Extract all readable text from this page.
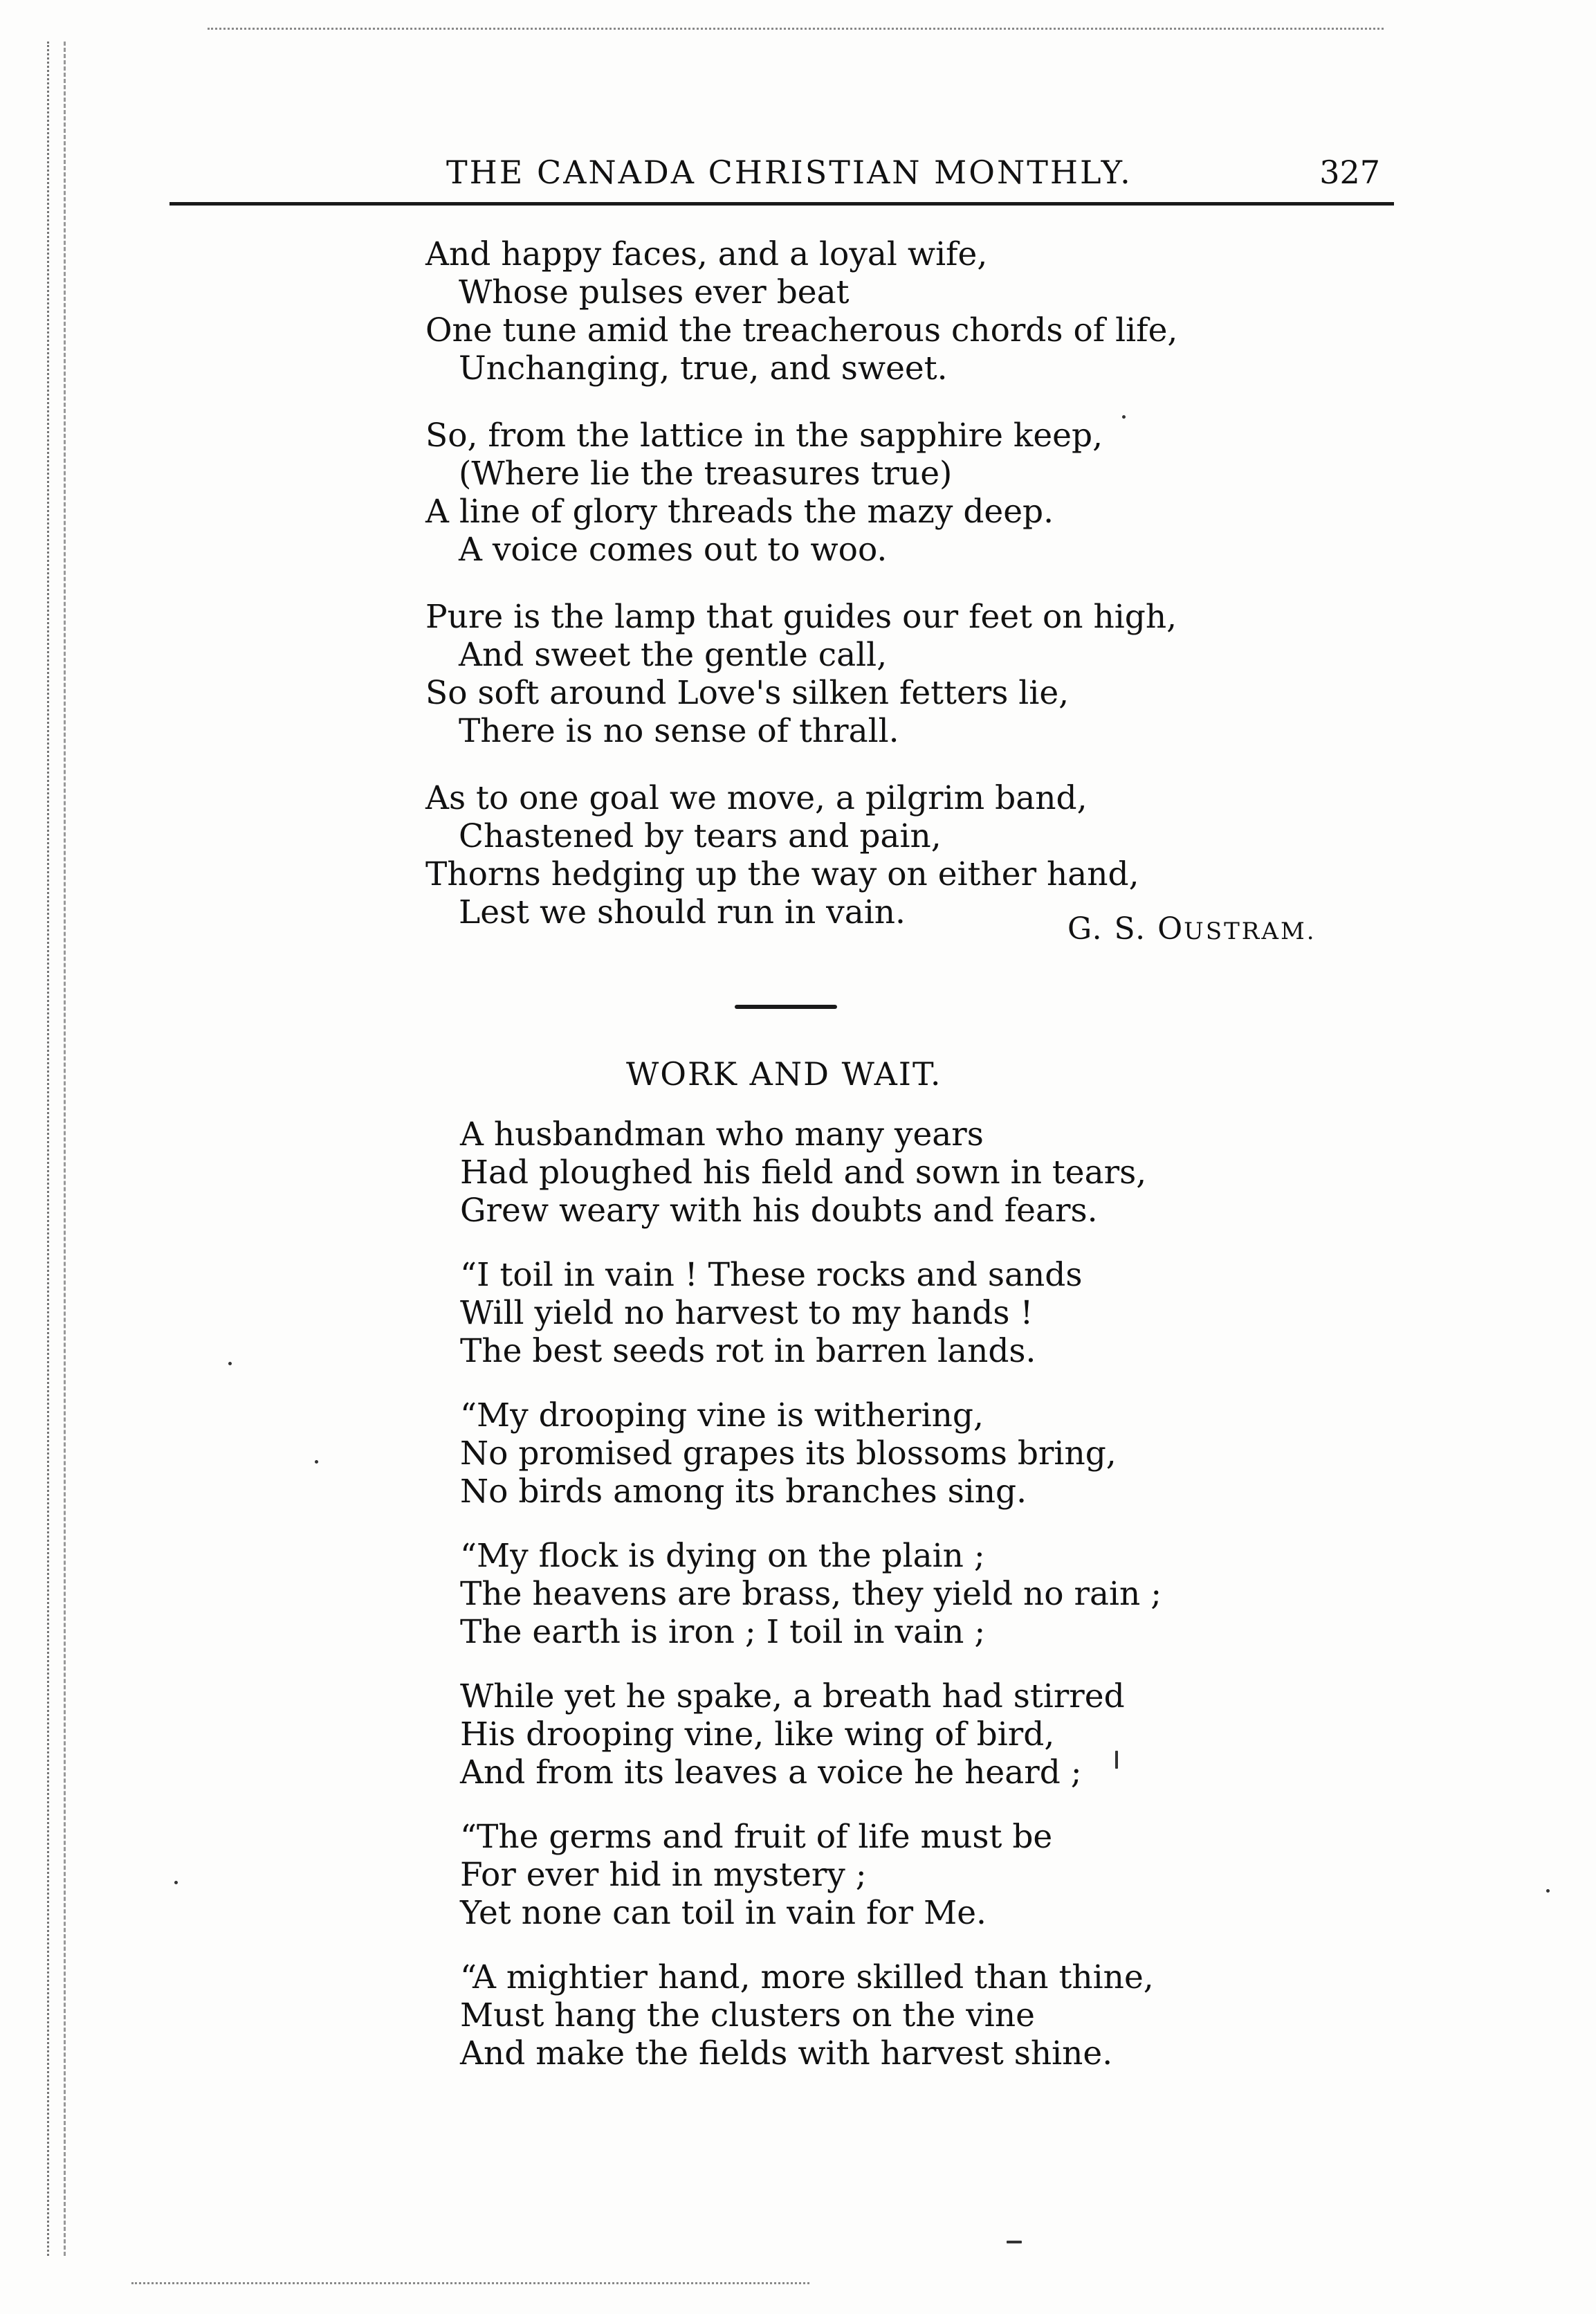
THE CANADA CHRISTIAN MONTHLY.	327
And happy faces, and a loyal wife,
Whose pulses ever beat
One tune amid the treacherous chords of life,
Unchanging, true, and sweet.
So, from the lattice in the sapphire keep,
(Where lie the treasures true)
A line of glory threads the mazy deep.
A voice comes out to woo.
Pure is the lamp that guides our feet on high,
And sweet the gentle call,
So soft around Love's silken fetters lie,
There is no sense of thrall.
As to one goal we move, a pilgrim band,
Chastened by tears and pain,
Thorns hedging up the way on either hand,
Lest we should run in vain.	G. S. OUSTRAM.
WORK AND WAIT.
A husbandman who many years
Had ploughed his field and sown in tears,
Grew weary with his doubts and fears.
“I toil in vain ! These rocks and sands
Will yield no harvest to my hands !
The best seeds rot in barren lands.
“My drooping vine is withering,
No promised grapes its blossoms bring,
No birds among its branches sing.
“My flock is dying on the plain ;
The heavens are brass, they yield no rain ;
The earth is iron ; I toil in vain ;
While yet he spake, a breath had stirred
His drooping vine, like wing of bird,
And from its leaves a voice he heard ;
“The germs and fruit of life must be
For ever hid in mystery ;
Yet none can toil in vain for Me.
“A mightier hand, more skilled than thine,
Must hang the clusters on the vine
And make the fields with harvest shine.
